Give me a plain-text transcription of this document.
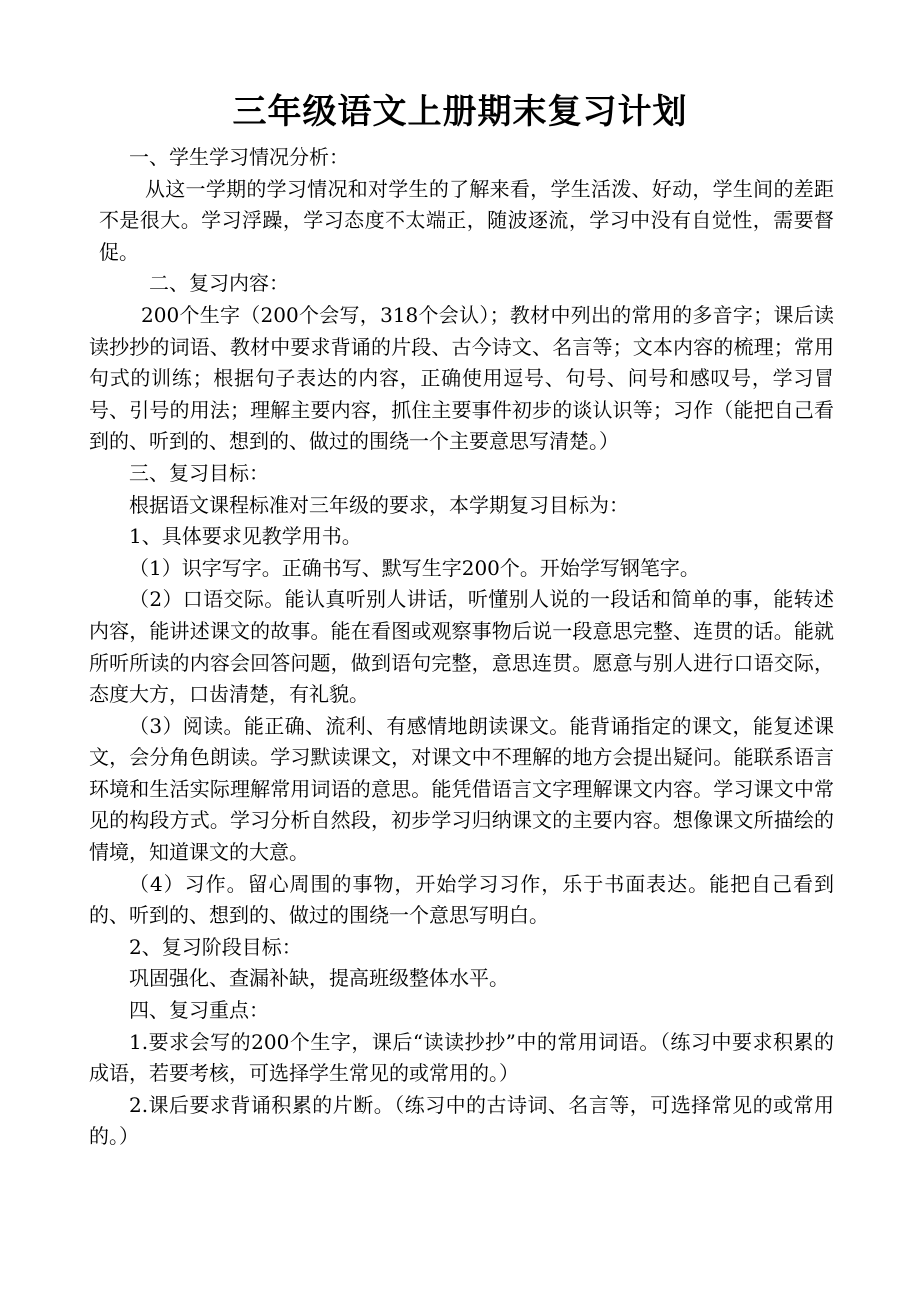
三年级语文上册期末复习计划

一、学生学习情况分析：

从这一学期的学习情况和对学生的了解来看，学生活泼、好动，学生间的差距不是很大。学习浮躁，学习态度不太端正，随波逐流，学习中没有自觉性，需要督促。

二、复习内容：

200个生字（200个会写，318个会认）；教材中列出的常用的多音字；课后读读抄抄的词语、教材中要求背诵的片段、古今诗文、名言等；文本内容的梳理；常用句式的训练；根据句子表达的内容，正确使用逗号、句号、问号和感叹号，学习冒号、引号的用法；理解主要内容，抓住主要事件初步的谈认识等；习作（能把自己看到的、听到的、想到的、做过的围绕一个主要意思写清楚。）

三、复习目标：

根据语文课程标准对三年级的要求，本学期复习目标为：

1、具体要求见教学用书。

（1）识字写字。正确书写、默写生字200个。开始学写钢笔字。

（2）口语交际。能认真听别人讲话，听懂别人说的一段话和简单的事，能转述内容，能讲述课文的故事。能在看图或观察事物后说一段意思完整、连贯的话。能就所听所读的内容会回答问题，做到语句完整，意思连贯。愿意与别人进行口语交际，态度大方，口齿清楚，有礼貌。

（3）阅读。能正确、流利、有感情地朗读课文。能背诵指定的课文，能复述课文，会分角色朗读。学习默读课文，对课文中不理解的地方会提出疑问。能联系语言环境和生活实际理解常用词语的意思。能凭借语言文字理解课文内容。学习课文中常见的构段方式。学习分析自然段，初步学习归纳课文的主要内容。想像课文所描绘的情境，知道课文的大意。

（4）习作。留心周围的事物，开始学习习作，乐于书面表达。能把自己看到的、听到的、想到的、做过的围绕一个意思写明白。

2、复习阶段目标：

巩固强化、查漏补缺，提高班级整体水平。

四、复习重点：

1.要求会写的200个生字，课后“读读抄抄”中的常用词语。（练习中要求积累的成语，若要考核，可选择学生常见的或常用的。）

2.课后要求背诵积累的片断。（练习中的古诗词、名言等，可选择常见的或常用的。）
